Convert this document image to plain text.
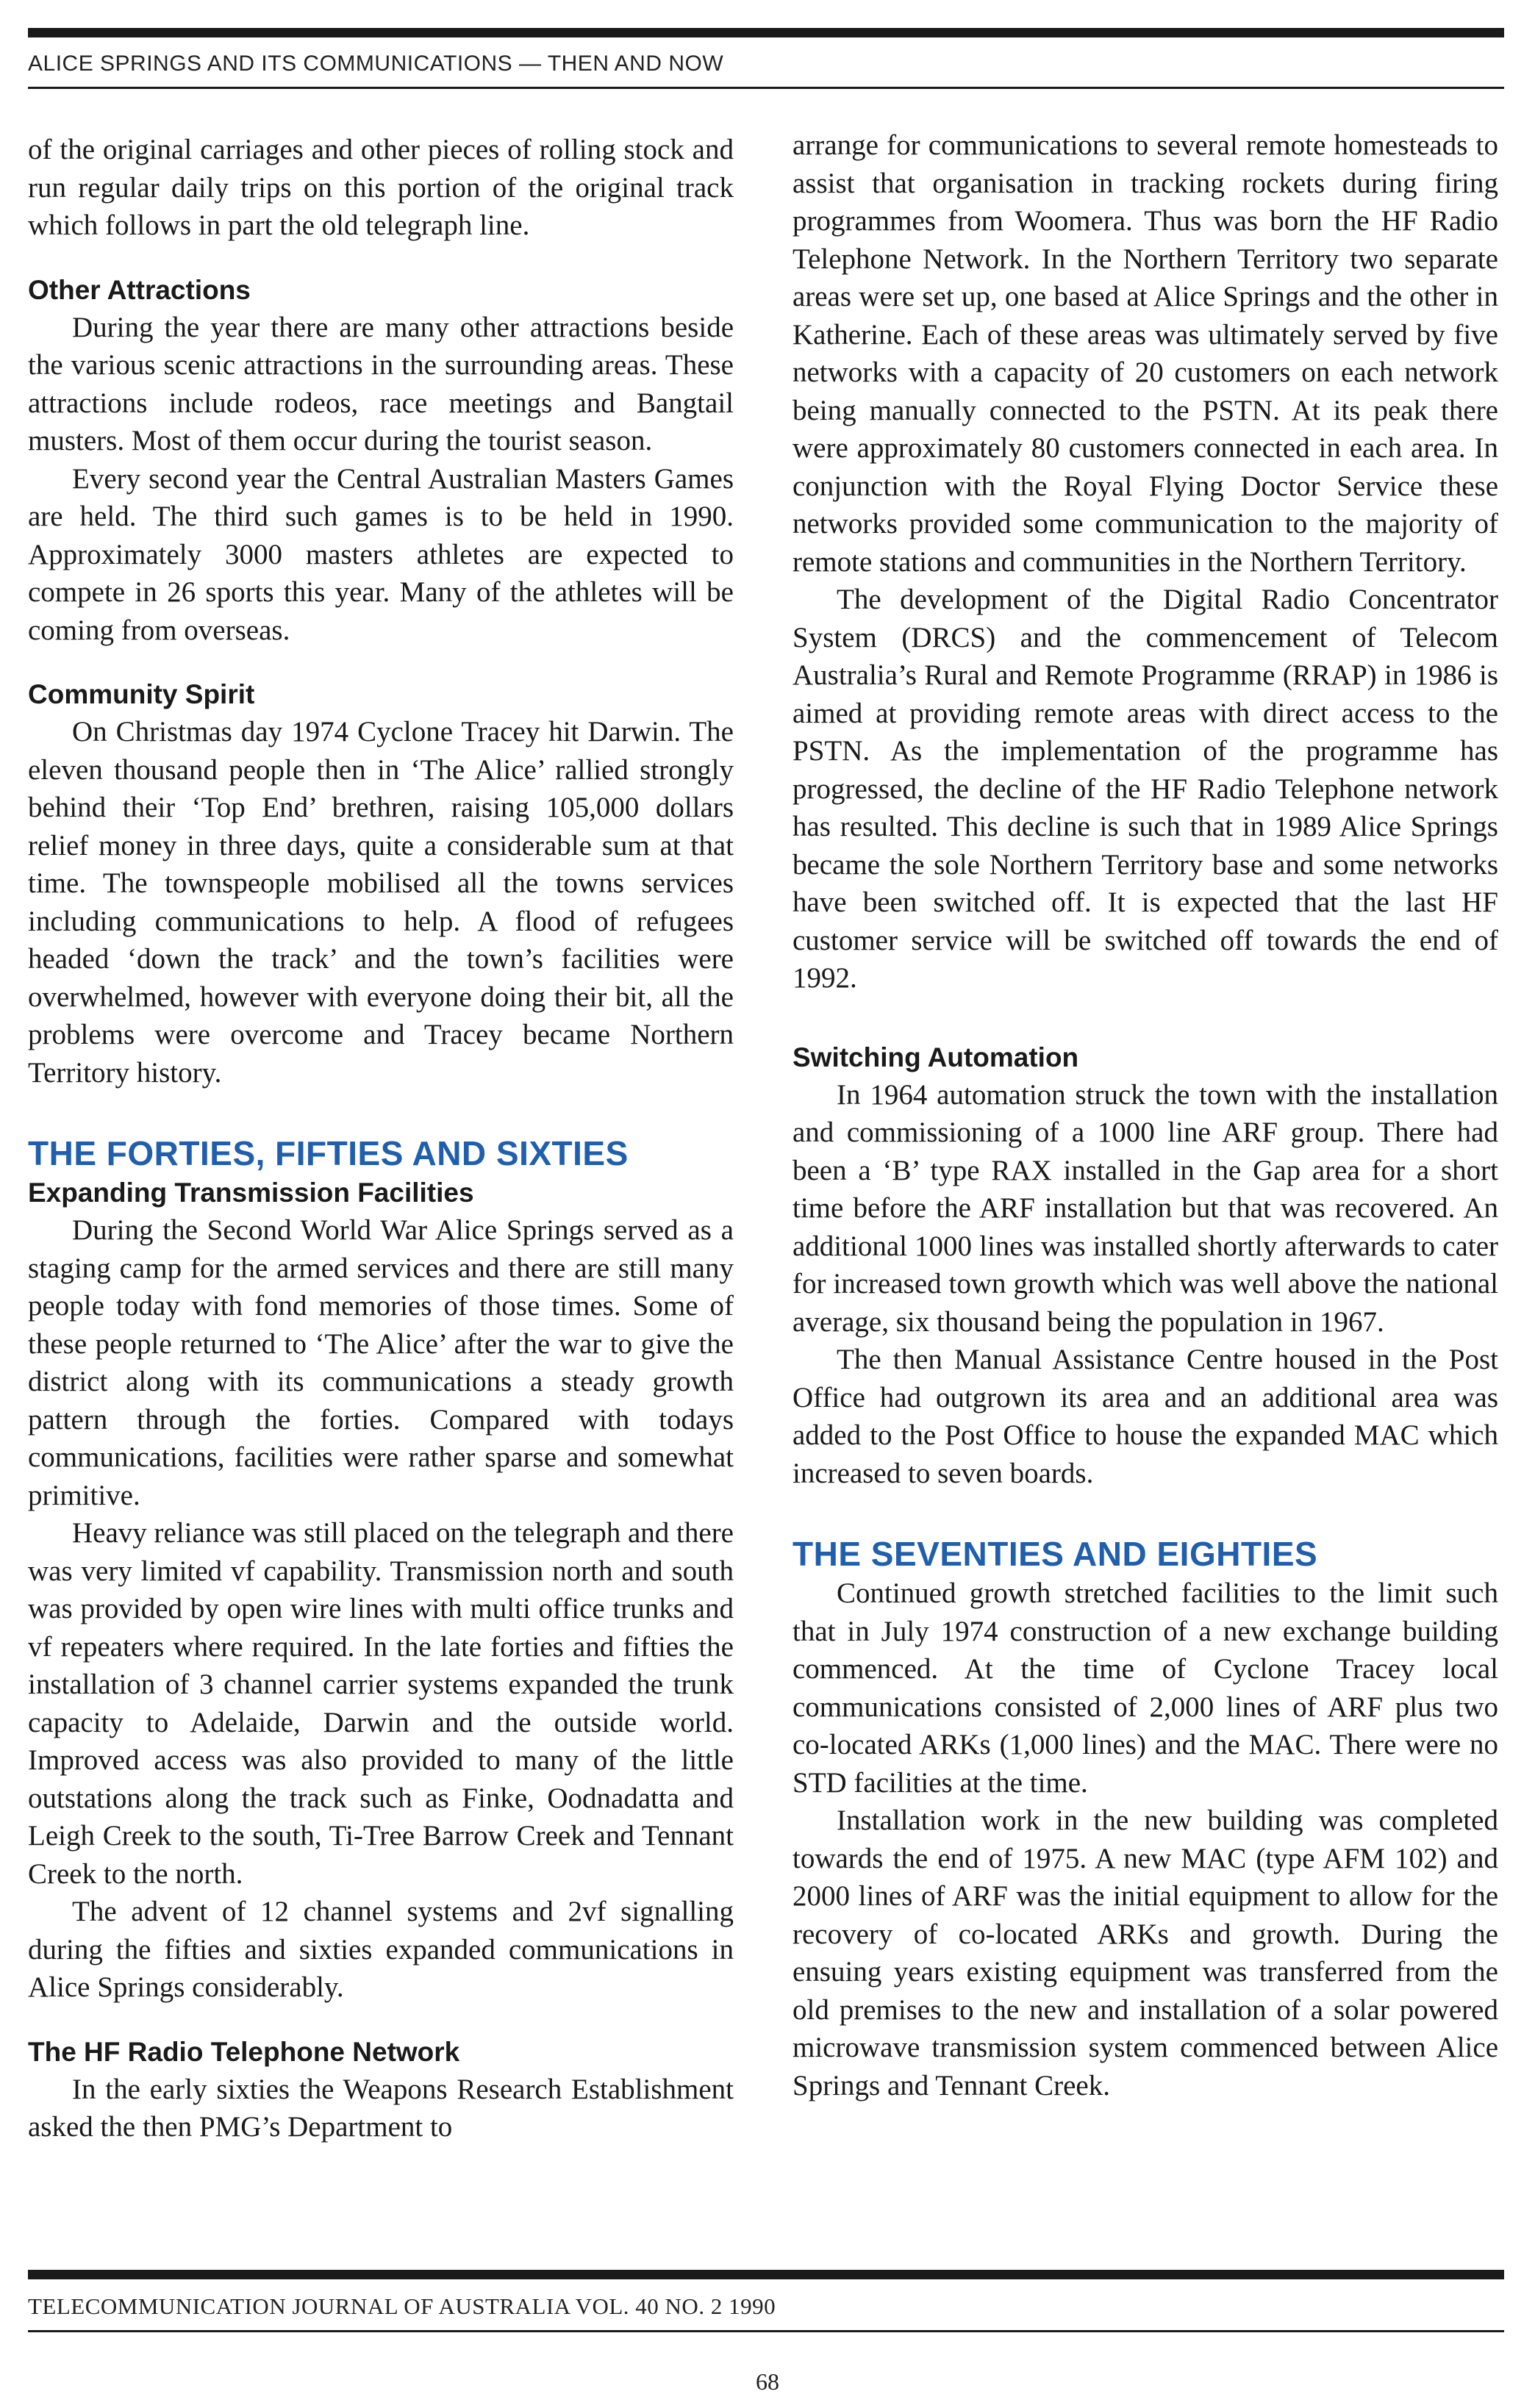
ALICE SPRINGS AND ITS COMMUNICATIONS — THEN AND NOW

of the original carriages and other pieces of rolling stock and run regular daily trips on this portion of the original track which follows in part the old telegraph line.

Other Attractions

During the year there are many other attractions beside the various scenic attractions in the surrounding areas. These attractions include rodeos, race meetings and Bangtail musters. Most of them occur during the tourist season.

Every second year the Central Australian Masters Games are held. The third such games is to be held in 1990. Approximately 3000 masters athletes are expected to compete in 26 sports this year. Many of the athletes will be coming from overseas.

Community Spirit

On Christmas day 1974 Cyclone Tracey hit Darwin. The eleven thousand people then in ‘The Alice’ rallied strongly behind their ‘Top End’ brethren, raising 105,000 dollars relief money in three days, quite a considerable sum at that time. The townspeople mobilised all the towns services including communications to help. A flood of refugees headed ‘down the track’ and the town’s facilities were overwhelmed, however with everyone doing their bit, all the problems were overcome and Tracey became Northern Territory history.

THE FORTIES, FIFTIES AND SIXTIES
Expanding Transmission Facilities

During the Second World War Alice Springs served as a staging camp for the armed services and there are still many people today with fond memories of those times. Some of these people returned to ‘The Alice’ after the war to give the district along with its communications a steady growth pattern through the forties. Compared with todays communications, facilities were rather sparse and somewhat primitive.

Heavy reliance was still placed on the telegraph and there was very limited vf capability. Transmission north and south was provided by open wire lines with multi office trunks and vf repeaters where required. In the late forties and fifties the installation of 3 channel carrier systems expanded the trunk capacity to Adelaide, Darwin and the outside world. Improved access was also provided to many of the little outstations along the track such as Finke, Oodnadatta and Leigh Creek to the south, Ti-Tree Barrow Creek and Tennant Creek to the north.

The advent of 12 channel systems and 2vf signalling during the fifties and sixties expanded communications in Alice Springs considerably.

The HF Radio Telephone Network

In the early sixties the Weapons Research Establishment asked the then PMG’s Department to

arrange for communications to several remote homesteads to assist that organisation in tracking rockets during firing programmes from Woomera. Thus was born the HF Radio Telephone Network. In the Northern Territory two separate areas were set up, one based at Alice Springs and the other in Katherine. Each of these areas was ultimately served by five networks with a capacity of 20 customers on each network being manually connected to the PSTN. At its peak there were approximately 80 customers connected in each area. In conjunction with the Royal Flying Doctor Service these networks provided some communication to the majority of remote stations and communities in the Northern Territory.

The development of the Digital Radio Concentrator System (DRCS) and the commencement of Telecom Australia’s Rural and Remote Programme (RRAP) in 1986 is aimed at providing remote areas with direct access to the PSTN. As the implementation of the programme has progressed, the decline of the HF Radio Telephone network has resulted. This decline is such that in 1989 Alice Springs became the sole Northern Territory base and some networks have been switched off. It is expected that the last HF customer service will be switched off towards the end of 1992.

Switching Automation

In 1964 automation struck the town with the installation and commissioning of a 1000 line ARF group. There had been a ‘B’ type RAX installed in the Gap area for a short time before the ARF installation but that was recovered. An additional 1000 lines was installed shortly afterwards to cater for increased town growth which was well above the national average, six thousand being the population in 1967.

The then Manual Assistance Centre housed in the Post Office had outgrown its area and an additional area was added to the Post Office to house the expanded MAC which increased to seven boards.

THE SEVENTIES AND EIGHTIES

Continued growth stretched facilities to the limit such that in July 1974 construction of a new exchange building commenced. At the time of Cyclone Tracey local communications consisted of 2,000 lines of ARF plus two co-located ARKs (1,000 lines) and the MAC. There were no STD facilities at the time.

Installation work in the new building was completed towards the end of 1975. A new MAC (type AFM 102) and 2000 lines of ARF was the initial equipment to allow for the recovery of co-located ARKs and growth. During the ensuing years existing equipment was transferred from the old premises to the new and installation of a solar powered microwave transmission system commenced between Alice Springs and Tennant Creek.

TELECOMMUNICATION JOURNAL OF AUSTRALIA VOL. 40 NO. 2 1990
68
